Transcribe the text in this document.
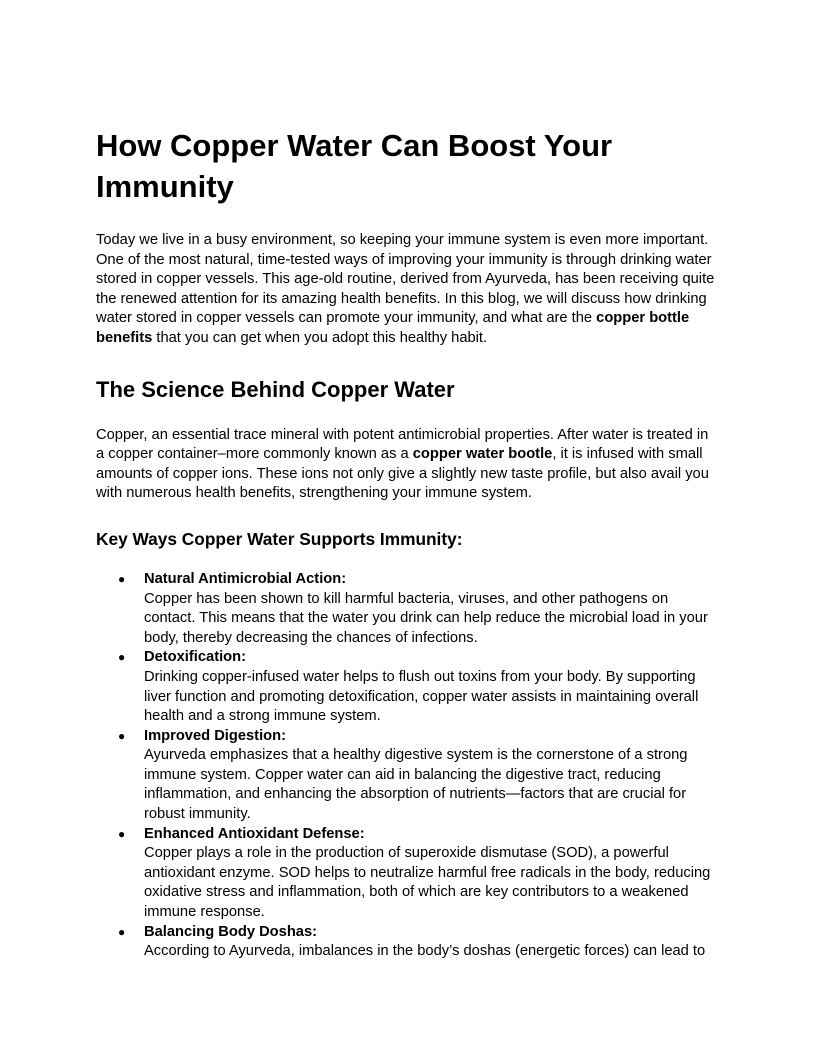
How Copper Water Can Boost Your Immunity

Today we live in a busy environment, so keeping your immune system is even more important. One of the most natural, time-tested ways of improving your immunity is through drinking water stored in copper vessels. This age-old routine, derived from Ayurveda, has been receiving quite the renewed attention for its amazing health benefits. In this blog, we will discuss how drinking water stored in copper vessels can promote your immunity, and what are the copper bottle benefits that you can get when you adopt this healthy habit.

The Science Behind Copper Water

Copper, an essential trace mineral with potent antimicrobial properties. After water is treated in a copper container–more commonly known as a copper water bootle, it is infused with small amounts of copper ions. These ions not only give a slightly new taste profile, but also avail you with numerous health benefits, strengthening your immune system.

Key Ways Copper Water Supports Immunity:
● Natural Antimicrobial Action:
Copper has been shown to kill harmful bacteria, viruses, and other pathogens on contact. This means that the water you drink can help reduce the microbial load in your body, thereby decreasing the chances of infections.
● Detoxification:
Drinking copper-infused water helps to flush out toxins from your body. By supporting liver function and promoting detoxification, copper water assists in maintaining overall health and a strong immune system.
● Improved Digestion:
Ayurveda emphasizes that a healthy digestive system is the cornerstone of a strong immune system. Copper water can aid in balancing the digestive tract, reducing inflammation, and enhancing the absorption of nutrients—factors that are crucial for robust immunity.
● Enhanced Antioxidant Defense:
Copper plays a role in the production of superoxide dismutase (SOD), a powerful antioxidant enzyme. SOD helps to neutralize harmful free radicals in the body, reducing oxidative stress and inflammation, both of which are key contributors to a weakened immune response.
● Balancing Body Doshas:
According to Ayurveda, imbalances in the body’s doshas (energetic forces) can lead to
